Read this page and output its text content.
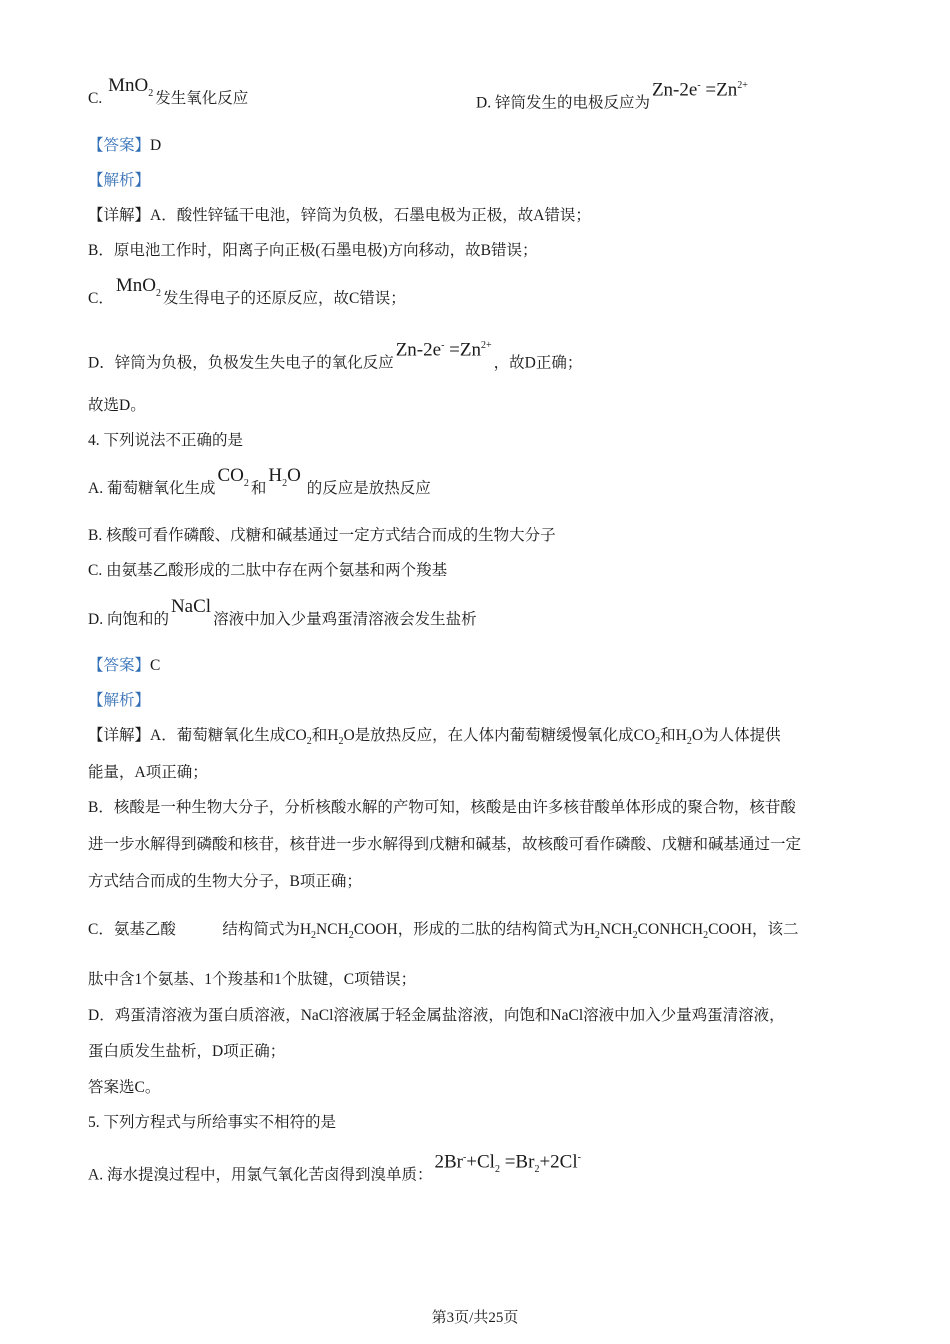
C. MnO$_2$ 发生氧化反应	D. 锌筒发生的电极反应为$Zn-2e^- =Zn^{2+}$
【答案】D
【解析】
【详解】A．酸性锌锰干电池，锌筒为负极，石墨电极为正极，故A错误；
B．原电池工作时，阳离子向正极(石墨电极)方向移动，故B错误；
C．MnO$_2$ 发生得电子的还原反应，故C错误；
D．锌筒为负极，负极发生失电子的氧化反应$Zn-2e^- =Zn^{2+}$，故D正确；
故选D。
4. 下列说法不正确的是
A. 葡萄糖氧化生成$CO_2$ 和$H_2O$ 的反应是放热反应
B. 核酸可看作磷酸、戊糖和碱基通过一定方式结合而成的生物大分子
C. 由氨基乙酸形成的二肽中存在两个氨基和两个羧基
D. 向饱和的NaCl溶液中加入少量鸡蛋清溶液会发生盐析
【答案】C
【解析】
【详解】A．葡萄糖氧化生成$CO_2$和$H_2O$是放热反应，在人体内葡萄糖缓慢氧化成$CO_2$和$H_2O$为人体提供
能量，A项正确；
B．核酸是一种生物大分子，分析核酸水解的产物可知，核酸是由许多核苷酸单体形成的聚合物，核苷酸
进一步水解得到磷酸和核苷，核苷进一步水解得到戊糖和碱基，故核酸可看作磷酸、戊糖和碱基通过一定
方式结合而成的生物大分子，B项正确；
C．氨基乙酸　　　结构简式为$H_2NCH_2COOH$，形成的二肽的结构简式为$H_2NCH_2CONHCH_2COOH$，该二
肽中含1个氨基、1个羧基和1个肽键，C项错误；
D．鸡蛋清溶液为蛋白质溶液，NaCl溶液属于轻金属盐溶液，向饱和NaCl溶液中加入少量鸡蛋清溶液，
蛋白质发生盐析，D项正确；
答案选C。
5. 下列方程式与所给事实不相符的是
A. 海水提溴过程中，用氯气氧化苦卤得到溴单质：$2Br^-+Cl_2 =Br_2+2Cl^-$
第3页/共25页
